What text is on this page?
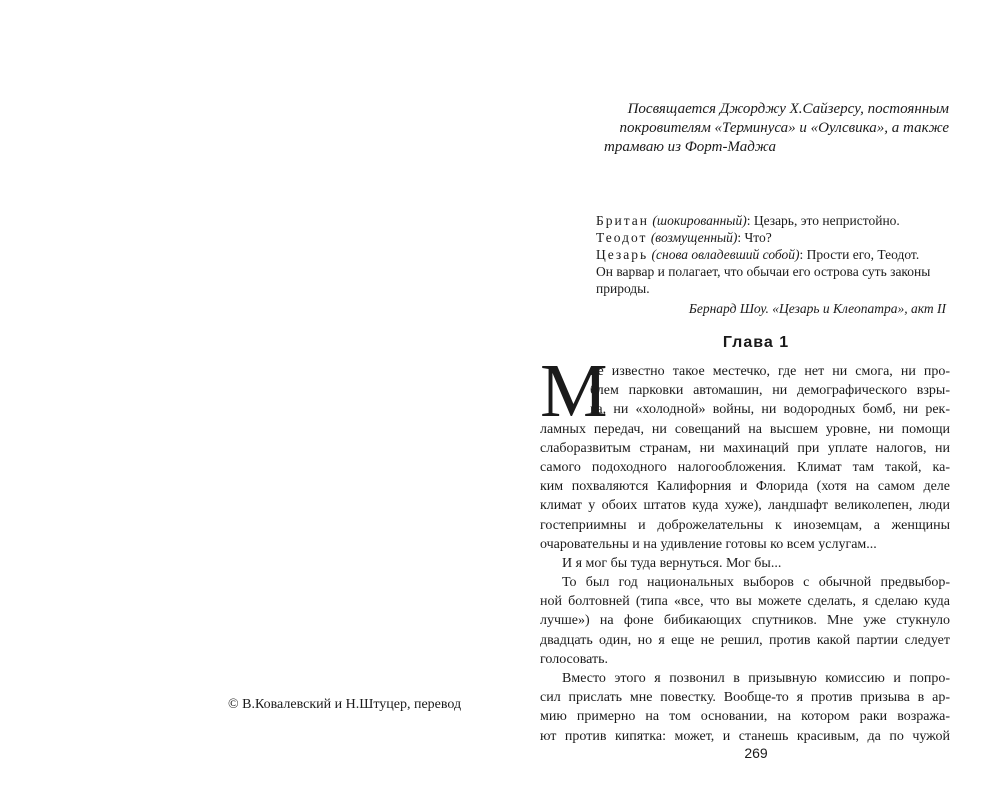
© В.Ковалевский и Н.Штуцер, перевод
Посвящается Джорджу Х.Сайзерсу, постоянным
покровителям «Терминуса» и «Оулсвика», а также
трамваю из Форт-Маджа
Британ (шокированный): Цезарь, это непристойно.
Теодот (возмущенный): Что?
Цезарь (снова овладевший собой): Прости его, Теодот.
Он варвар и полагает, что обычаи его острова суть законы
природы.
Бернард Шоу. «Цезарь и Клеопатра», акт II
Глава 1
М
не известно такое местечко, где нет ни смога, ни про-
блем парковки автомашин, ни демографического взры-
ва, ни «холодной» войны, ни водородных бомб, ни рек-
ламных передач, ни совещаний на высшем уровне, ни помощи
слаборазвитым странам, ни махинаций при уплате налогов, ни
самого подоходного налогообложения. Климат там такой, ка-
ким похваляются Калифорния и Флорида (хотя на самом деле
климат у обоих штатов куда хуже), ландшафт великолепен, люди
гостеприимны и доброжелательны к иноземцам, а женщины
очаровательны и на удивление готовы ко всем услугам...
И я мог бы туда вернуться. Мог бы...
То был год национальных выборов с обычной предвыбор-
ной болтовней (типа «все, что вы можете сделать, я сделаю куда
лучше») на фоне бибикающих спутников. Мне уже стукнуло
двадцать один, но я еще не решил, против какой партии следует
голосовать.
Вместо этого я позвонил в призывную комиссию и попро-
сил прислать мне повестку. Вообще-то я против призыва в ар-
мию примерно на том основании, на котором раки возража-
ют против кипятка: может, и станешь красивым, да по чужой
269
